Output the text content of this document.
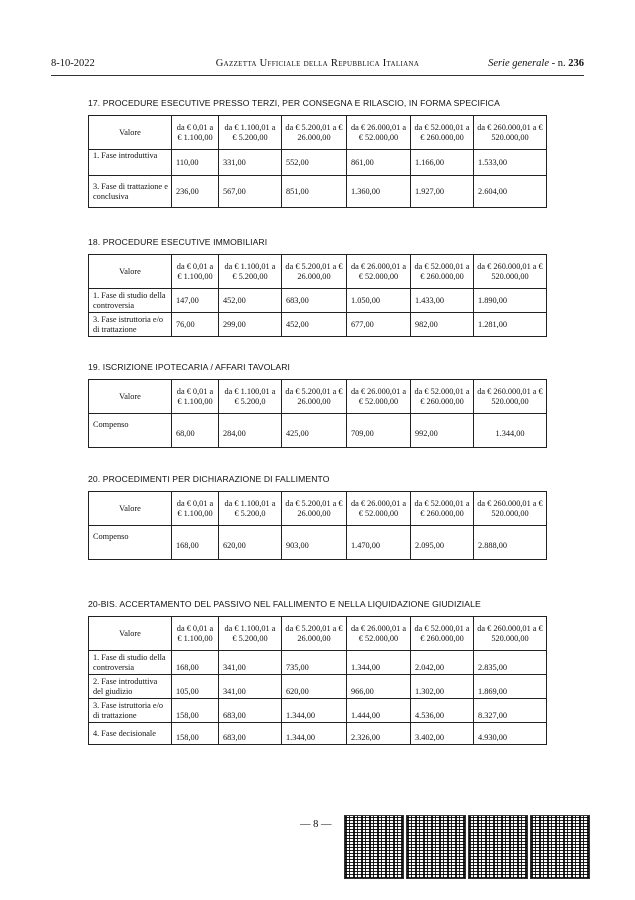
8-10-2022	Gazzetta Ufficiale della Repubblica Italiana	Serie generale - n. 236
17. PROCEDURE ESECUTIVE PRESSO TERZI, PER CONSEGNA E RILASCIO, IN FORMA SPECIFICA
Valore	da € 0,01 a € 1.100,00	da € 1.100,01 a € 5.200,00	da € 5.200,01 a € 26.000,00	da € 26.000,01 a € 52.000,00	da € 52.000,01 a € 260.000,00	da € 260.000,01 a € 520.000,00
1. Fase introduttiva	110,00	331,00	552,00	861,00	1.166,00	1.533,00
3. Fase di trattazione e conclusiva	236,00	567,00	851,00	1.360,00	1.927,00	2.604,00
18. PROCEDURE ESECUTIVE IMMOBILIARI
Valore	da € 0,01 a € 1.100,00	da € 1.100,01 a € 5.200,00	da € 5.200,01 a € 26.000,00	da € 26.000,01 a € 52.000,00	da € 52.000,01 a € 260.000,00	da € 260.000,01 a € 520.000,00
1. Fase di studio della controversia	147,00	452,00	683,00	1.050,00	1.433,00	1.890,00
3. Fase istruttoria e/o di trattazione	76,00	299,00	452,00	677,00	982,00	1.281,00
19. ISCRIZIONE IPOTECARIA / AFFARI TAVOLARI
Valore	da € 0,01 a € 1.100,00	da € 1.100,01 a € 5.200,0	da € 5.200,01 a € 26.000,00	da € 26.000,01 a € 52.000,00	da € 52.000,01 a € 260.000,00	da € 260.000,01 a € 520.000,00
Compenso	68,00	284,00	425,00	709,00	992,00	1.344,00
20. PROCEDIMENTI PER DICHIARAZIONE DI FALLIMENTO
Valore	da € 0,01 a € 1.100,00	da € 1.100,01 a € 5.200,0	da € 5.200,01 a € 26.000,00	da € 26.000,01 a € 52.000,00	da € 52.000,01 a € 260.000,00	da € 260.000,01 a € 520.000,00
Compenso	168,00	620,00	903,00	1.470,00	2.095,00	2.888,00
20-BIS. ACCERTAMENTO DEL PASSIVO NEL FALLIMENTO E NELLA LIQUIDAZIONE GIUDIZIALE
Valore	da € 0,01 a € 1.100,00	da € 1.100,01 a € 5.200,00	da € 5.200,01 a € 26.000,00	da € 26.000,01 a € 52.000,00	da € 52.000,01 a € 260.000,00	da € 260.000,01 a € 520.000,00
1. Fase di studio della controversia	168,00	341,00	735,00	1.344,00	2.042,00	2.835,00
2. Fase introduttiva del giudizio	105,00	341,00	620,00	966,00	1.302,00	1.869,00
3. Fase istruttoria e/o di trattazione	158,00	683,00	1.344,00	1.444,00	4.536,00	8.327,00
4. Fase decisionale	158,00	683,00	1.344,00	2.326,00	3.402,00	4.930,00
— 8 —
